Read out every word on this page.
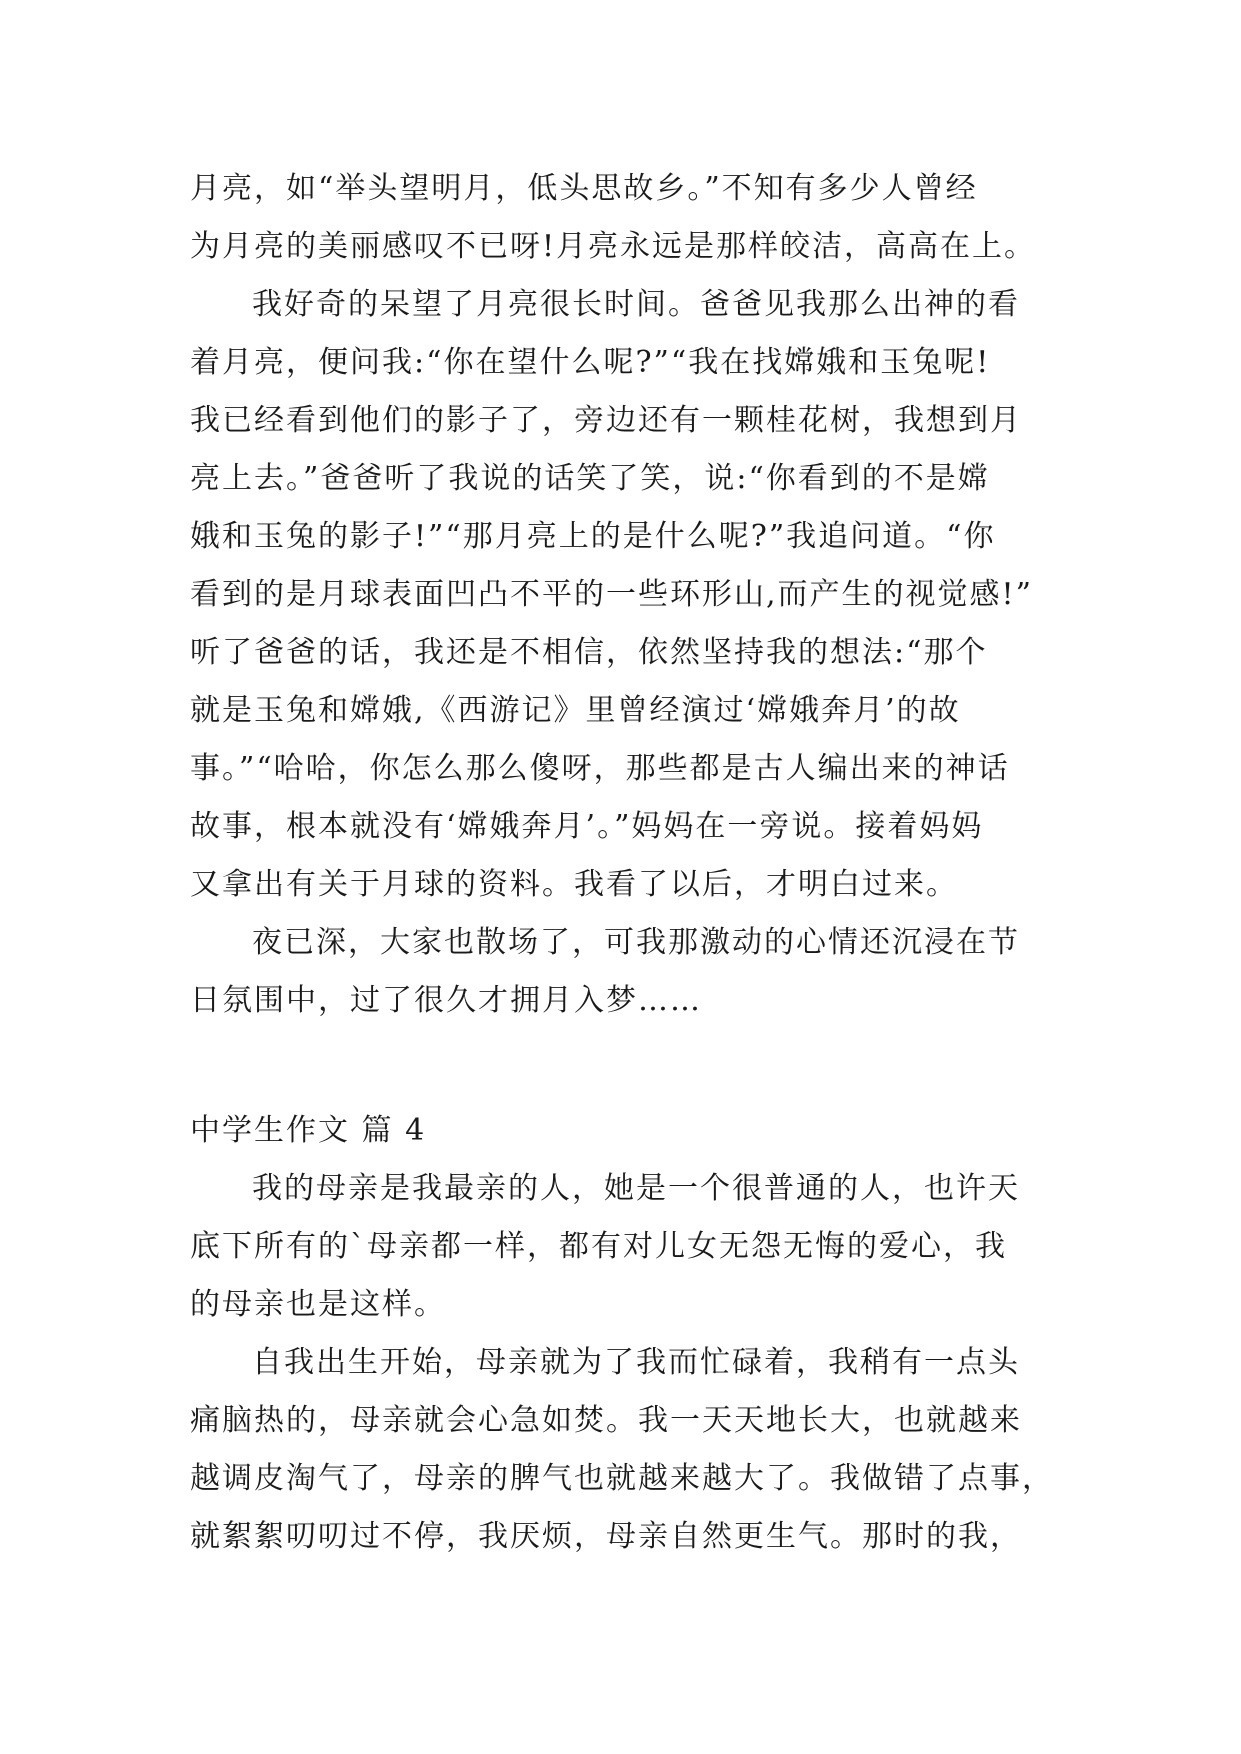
月亮，如“举头望明月，低头思故乡。”不知有多少人曾经
为月亮的美丽感叹不已呀!月亮永远是那样皎洁，高高在上。
我好奇的呆望了月亮很长时间。爸爸见我那么出神的看
着月亮，便问我:“你在望什么呢?”“我在找嫦娥和玉兔呢!
我已经看到他们的影子了，旁边还有一颗桂花树，我想到月
亮上去。”爸爸听了我说的话笑了笑，说:“你看到的不是嫦
娥和玉兔的影子!”“那月亮上的是什么呢?”我追问道。“你
看到的是月球表面凹凸不平的一些环形山,而产生的视觉感!”
听了爸爸的话，我还是不相信，依然坚持我的想法:“那个
就是玉兔和嫦娥,《西游记》里曾经演过‘嫦娥奔月’的故
事。”“哈哈，你怎么那么傻呀，那些都是古人编出来的神话
故事，根本就没有‘嫦娥奔月’。”妈妈在一旁说。接着妈妈
又拿出有关于月球的资料。我看了以后，才明白过来。
夜已深，大家也散场了，可我那激动的心情还沉浸在节
日氛围中，过了很久才拥月入梦……
中学生作文 篇 4
我的母亲是我最亲的人，她是一个很普通的人，也许天
底下所有的`母亲都一样，都有对儿女无怨无悔的爱心，我
的母亲也是这样。
自我出生开始，母亲就为了我而忙碌着，我稍有一点头
痛脑热的，母亲就会心急如焚。我一天天地长大，也就越来
越调皮淘气了，母亲的脾气也就越来越大了。我做错了点事，
就絮絮叨叨过不停，我厌烦，母亲自然更生气。那时的我，
